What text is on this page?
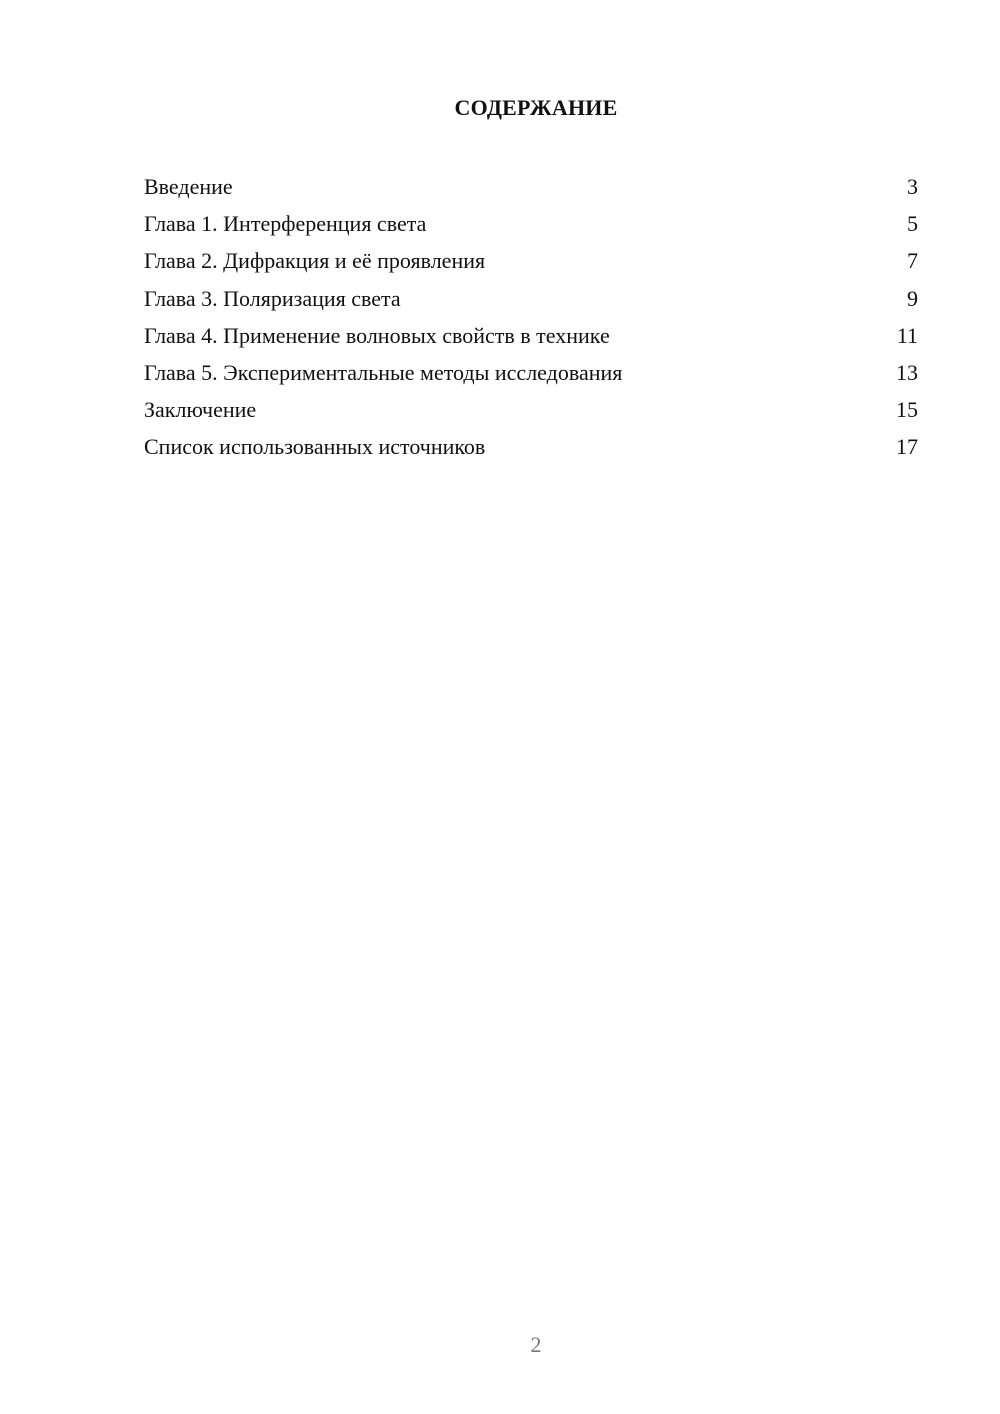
СОДЕРЖАНИЕ
Введение	3
Глава 1. Интерференция света	5
Глава 2. Дифракция и её проявления	7
Глава 3. Поляризация света	9
Глава 4. Применение волновых свойств в технике	11
Глава 5. Экспериментальные методы исследования	13
Заключение	15
Список использованных источников	17
2
